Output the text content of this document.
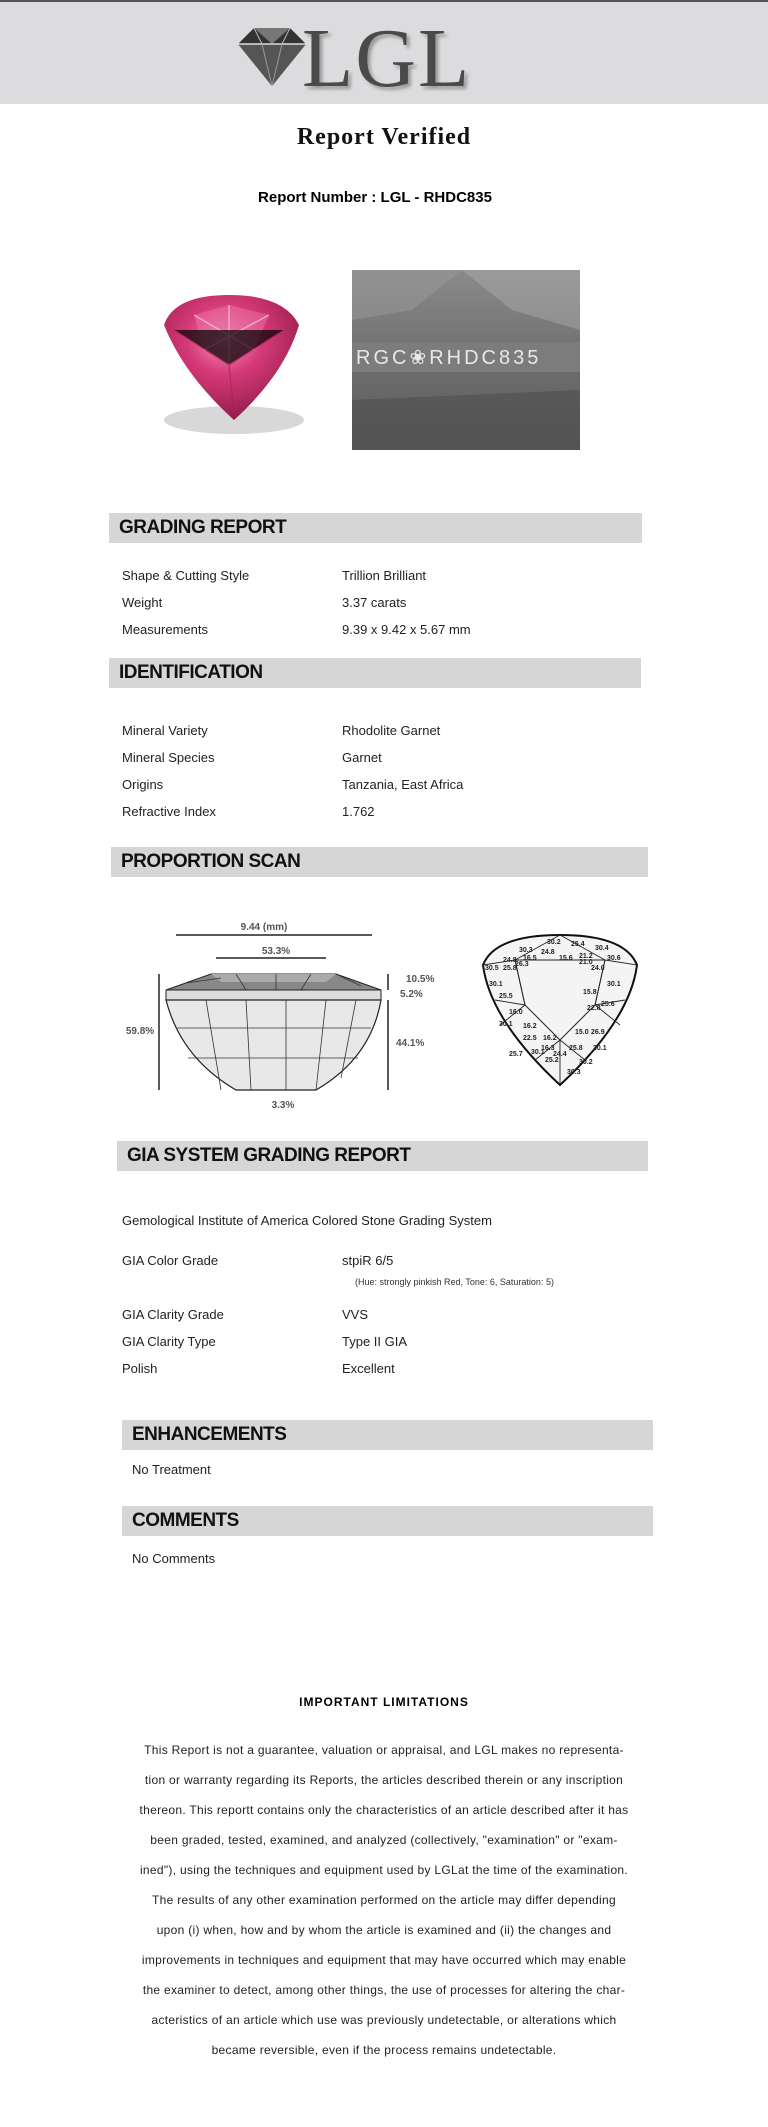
LGL
Report Verified
Report Number : LGL - RHDC835
RGC❀RHDC835
GRADING REPORT
Shape & Cutting Style	Trillion Brilliant
Weight	3.37 carats
Measurements	9.39 x 9.42 x 5.67 mm
IDENTIFICATION
Mineral Variety	Rhodolite Garnet
Mineral Species	Garnet
Origins	Tanzania, East Africa
Refractive Index	1.762
PROPORTION SCAN
9.44 (mm)
53.3%
59.8%
10.5%
5.2%
44.1%
3.3%
30.2 25.4
30.4
30.3 24.8
21.2 30.6
15.6
21.0
24.8 16.5
30.5 25.8
26.3
24.0
30.1
25.5
15.8
30.1
16.0
16.2
22.8
25.6
30.1
22.5
15.0
16.2
26.9
25.7 30.1
25.2
25.8 30.1
24.4
30.2
30.3
16.3
GIA SYSTEM GRADING REPORT
Gemological Institute of America Colored Stone Grading System
GIA Color Grade	stpiR 6/5
(Hue: strongly pinkish Red, Tone: 6, Saturation: 5)
GIA Clarity Grade	VVS
GIA Clarity Type	Type II GIA
Polish	Excellent
ENHANCEMENTS
No Treatment
COMMENTS
No Comments
IMPORTANT LIMITATIONS
This Report is not a guarantee, valuation or appraisal, and LGL makes no representa-
tion or warranty regarding its Reports, the articles described therein or any inscription
thereon. This reportt contains only the characteristics of an article described after it has
been graded, tested, examined, and analyzed (collectively, "examination" or "exam-
ined"), using the techniques and equipment used by LGLat the time of the examination.
The results of any other examination performed on the article may differ depending
upon (i) when, how and by whom the article is examined and (ii) the changes and
improvements in techniques and equipment that may have occurred which may enable
the examiner to detect, among other things, the use of processes for altering the char-
acteristics of an article which use was previously undetectable, or alterations which
became reversible, even if the process remains undetectable.
